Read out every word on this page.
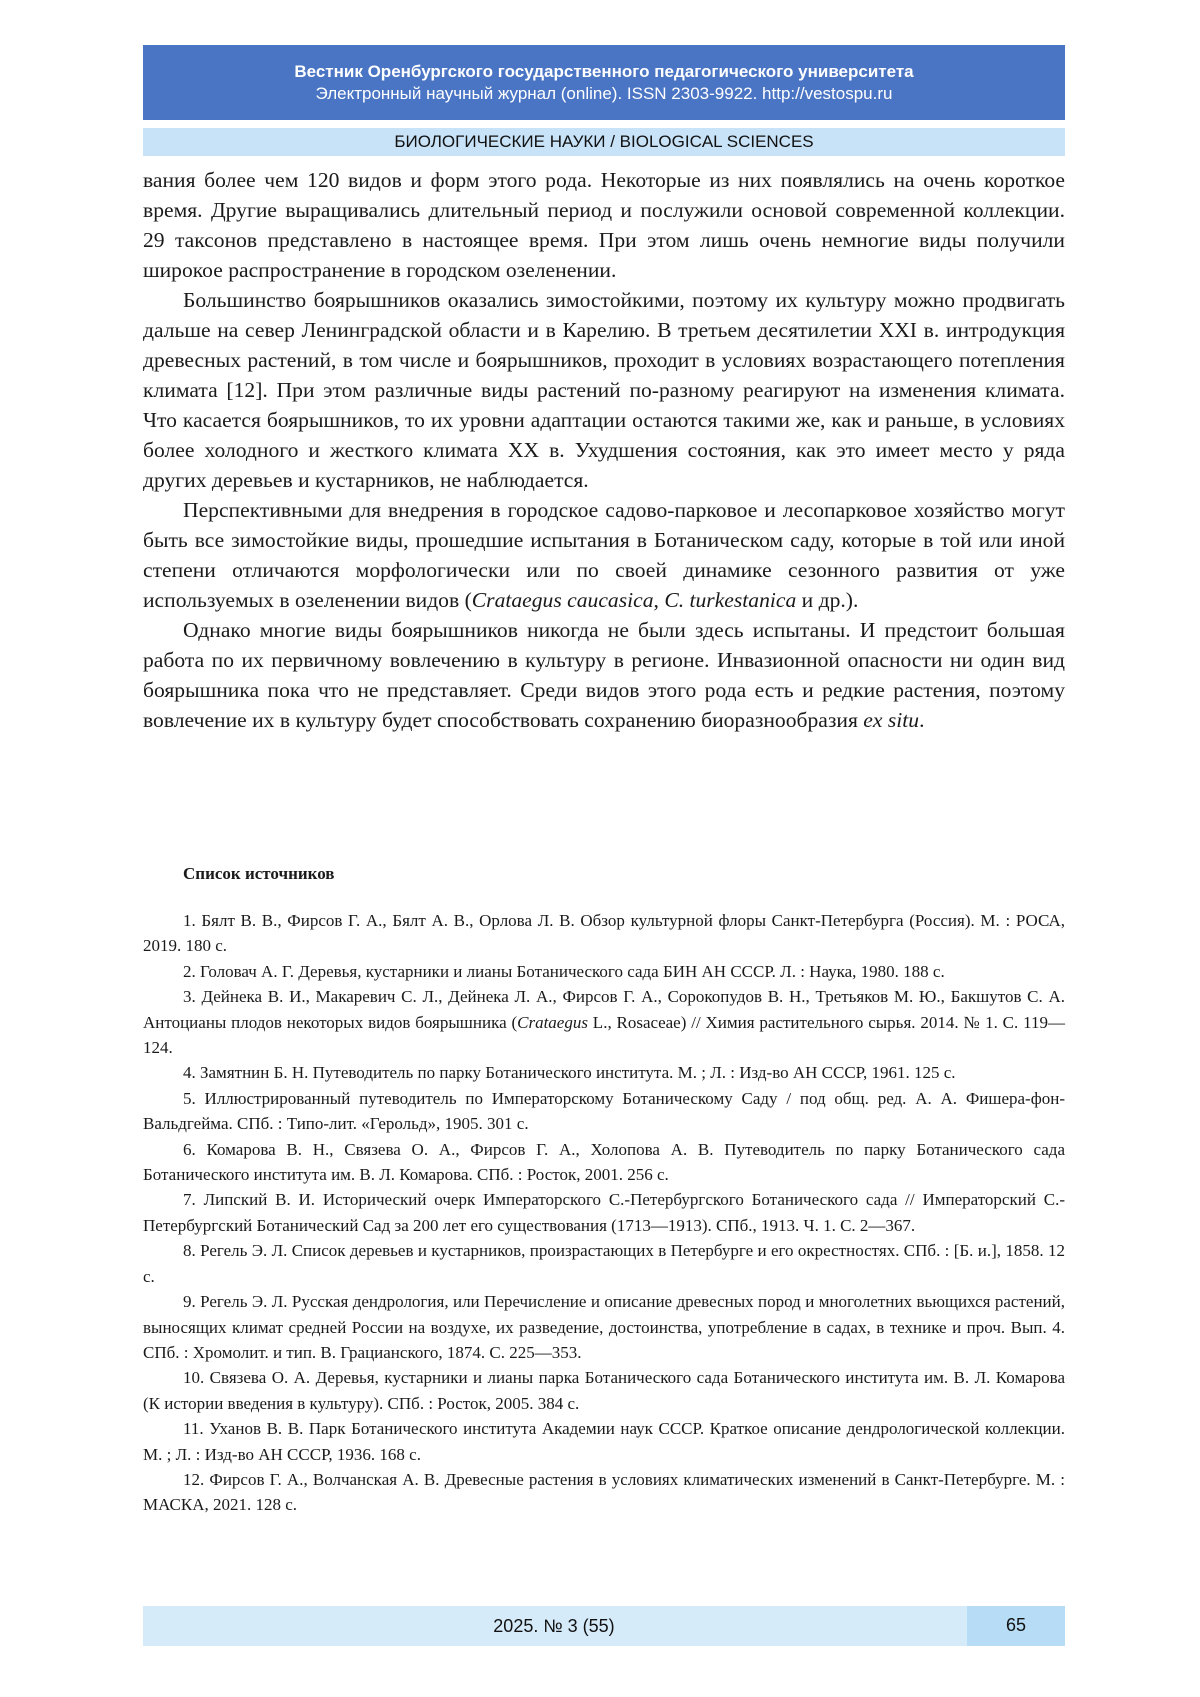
Вестник Оренбургского государственного педагогического университета
Электронный научный журнал (online). ISSN 2303-9922. http://vestospu.ru
БИОЛОГИЧЕСКИЕ НАУКИ / BIOLOGICAL SCIENCES

вания более чем 120 видов и форм этого рода. Некоторые из них появлялись на очень короткое время. Другие выращивались длительный период и послужили основой современной коллекции. 29 таксонов представлено в настоящее время. При этом лишь очень немногие виды получили широкое распространение в городском озеленении.

Большинство боярышников оказались зимостойкими, поэтому их культуру можно продвигать дальше на север Ленинградской области и в Карелию. В третьем десятилетии XXI в. интродукция древесных растений, в том числе и боярышников, проходит в условиях возрастающего потепления климата [12]. При этом различные виды растений по-разному реагируют на изменения климата. Что касается боярышников, то их уровни адаптации остаются такими же, как и раньше, в условиях более холодного и жесткого климата XX в. Ухудшения состояния, как это имеет место у ряда других деревьев и кустарников, не наблюдается.

Перспективными для внедрения в городское садово-парковое и лесопарковое хозяйство могут быть все зимостойкие виды, прошедшие испытания в Ботаническом саду, которые в той или иной степени отличаются морфологически или по своей динамике сезонного развития от уже используемых в озеленении видов (Crataegus caucasica, C. turkestanica и др.).

Однако многие виды боярышников никогда не были здесь испытаны. И предстоит большая работа по их первичному вовлечению в культуру в регионе. Инвазионной опасности ни один вид боярышника пока что не представляет. Среди видов этого рода есть и редкие растения, поэтому вовлечение их в культуру будет способствовать сохранению биоразнообразия ex situ.

Список источников

1. Бялт В. В., Фирсов Г. А., Бялт А. В., Орлова Л. В. Обзор культурной флоры Санкт-Петербурга (Россия). М. : РОСА, 2019. 180 с.

2. Головач А. Г. Деревья, кустарники и лианы Ботанического сада БИН АН СССР. Л. : Наука, 1980. 188 с.

3. Дейнека В. И., Макаревич С. Л., Дейнека Л. А., Фирсов Г. А., Сорокопудов В. Н., Третьяков М. Ю., Бакшутов С. А. Антоцианы плодов некоторых видов боярышника (Crataegus L., Rosaceae) // Химия растительного сырья. 2014. № 1. С. 119—124.

4. Замятнин Б. Н. Путеводитель по парку Ботанического института. М. ; Л. : Изд-во АН СССР, 1961. 125 с.

5. Иллюстрированный путеводитель по Императорскому Ботаническому Саду / под общ. ред. А. А. Фишера-фон-Вальдгейма. СПб. : Типо-лит. «Герольд», 1905. 301 с.

6. Комарова В. Н., Связева О. А., Фирсов Г. А., Холопова А. В. Путеводитель по парку Ботанического сада Ботанического института им. В. Л. Комарова. СПб. : Росток, 2001. 256 с.

7. Липский В. И. Исторический очерк Императорского С.-Петербургского Ботанического сада // Императорский С.-Петербургский Ботанический Сад за 200 лет его существования (1713—1913). СПб., 1913. Ч. 1. С. 2—367.

8. Регель Э. Л. Список деревьев и кустарников, произрастающих в Петербурге и его окрестностях. СПб. : [Б. и.], 1858. 12 с.

9. Регель Э. Л. Русская дендрология, или Перечисление и описание древесных пород и многолетних вьющихся растений, выносящих климат средней России на воздухе, их разведение, достоинства, употребление в садах, в технике и проч. Вып. 4. СПб. : Хромолит. и тип. В. Грацианского, 1874. С. 225—353.

10. Связева О. А. Деревья, кустарники и лианы парка Ботанического сада Ботанического института им. В. Л. Комарова (К истории введения в культуру). СПб. : Росток, 2005. 384 с.

11. Уханов В. В. Парк Ботанического института Академии наук СССР. Краткое описание дендрологической коллекции. М. ; Л. : Изд-во АН СССР, 1936. 168 с.

12. Фирсов Г. А., Волчанская А. В. Древесные растения в условиях климатических изменений в Санкт-Петербурге. М. : МАСКА, 2021. 128 с.

2025. № 3 (55)	65
